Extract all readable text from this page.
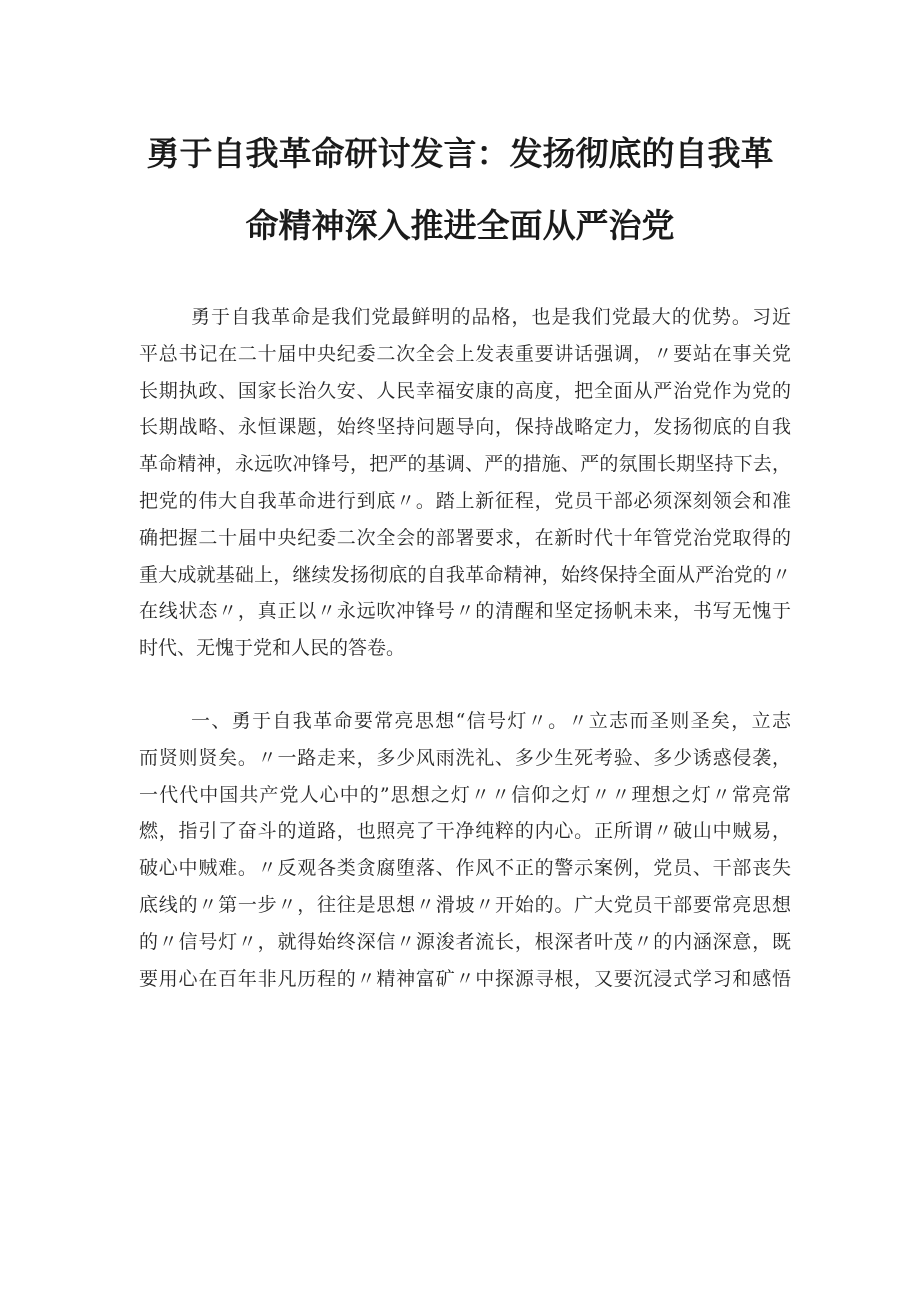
勇于自我革命研讨发言：发扬彻底的自我革
命精神深入推进全面从严治党
勇于自我革命是我们党最鲜明的品格，也是我们党最大的优势。习近
平总书记在二十届中央纪委二次全会上发表重要讲话强调，〃要站在事关党
长期执政、国家长治久安、人民幸福安康的高度，把全面从严治党作为党的
长期战略、永恒课题，始终坚持问题导向，保持战略定力，发扬彻底的自我
革命精神，永远吹冲锋号，把严的基调、严的措施、严的氛围长期坚持下去，
把党的伟大自我革命进行到底〃。踏上新征程，党员干部必须深刻领会和准
确把握二十届中央纪委二次全会的部署要求，在新时代十年管党治党取得的
重大成就基础上，继续发扬彻底的自我革命精神，始终保持全面从严治党的〃
在线状态〃，真正以〃永远吹冲锋号〃的清醒和坚定扬帆未来，书写无愧于
时代、无愧于党和人民的答卷。
一、勇于自我革命要常亮思想“信号灯〃。〃立志而圣则圣矣，立志
而贤则贤矣。〃一路走来，多少风雨洗礼、多少生死考验、多少诱惑侵袭，
一代代中国共产党人心中的”思想之灯〃〃信仰之灯〃〃理想之灯〃常亮常
燃，指引了奋斗的道路，也照亮了干净纯粹的内心。正所谓〃破山中贼易，
破心中贼难。〃反观各类贪腐堕落、作风不正的警示案例，党员、干部丧失
底线的〃第一步〃，往往是思想〃滑坡〃开始的。广大党员干部要常亮思想
的〃信号灯〃，就得始终深信〃源浚者流长，根深者叶茂〃的内涵深意，既
要用心在百年非凡历程的〃精神富矿〃中探源寻根，又要沉浸式学习和感悟
